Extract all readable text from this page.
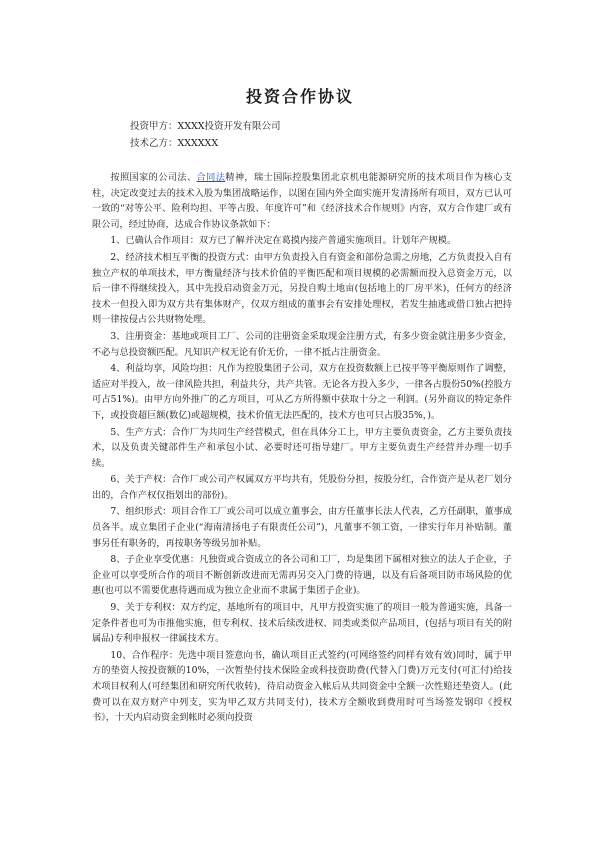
投资合作协议
投资甲方：XXXX投资开发有限公司
技术乙方：XXXXXX

按照国家的公司法、合同法精神，瑞士国际控股集团北京机电能源研究所的技术项目作为核心支柱，决定改变过去的技术入股为集团战略运作，以图在国内外全面实施开发清扬所有项目，双方已认可一致的“对等公平、险利均担、平等占股、年度许可”和《经济技术合作规则》内容，双方合作建厂或有限公司，经过协商，达成合作协议条款如下：

1、已确认合作项目：双方已了解并决定在葛摸内接产普通实施项目。计划年产规模。

2、经济技术相互平衡的投资方式：由甲方负责投入自有资金和部份急需之房地，乙方负责投入自有独立产权的单项技术，甲方衡量经济与技术价值的平衡匹配和项目规模的必需额而投入总资金万元，以后一律不得继续投入，其中先投启动资金万元，另投自购土地亩(包括地上的厂房平米)，任何方的经济技术一但投入即为双方共有集体财产，仅双方组成的董事会有安排处理权，若发生抽逃或借口独占把持则一律按侵占公共财物处理。

3、注册资金：基地或项目工厂、公司的注册资金采取现金注册方式，有多少资金就注册多少资金，不必与总投资额匹配。凡知识产权无论有价无价，一律不抵占注册资金。

4、利益均享，风险均担：凡作为控股集团子公司，双方在投资数额上已按平等平衡原则作了调整，适应对半投入，故一律风险共担，利益共分，共产共管。无论各方投入多少，一律各占股份50%(控股方可占51%)。由甲方向外推广的乙方项目，可从乙方所得额中获取十分之一利润。(另外商议的特定条件下，或投资超巨额(数亿)或超规模，技术价值无法匹配的，技术方也可只占股35%，)。

5、生产方式：合作厂为共同生产经营模式，但在具体分工上，甲方主要负责资金，乙方主要负责技术，以及负责关键部件生产和承包小试、必要时还可指导建厂。甲方主要负责生产经营并办理一切手续。

6、关于产权：合作厂或公司产权属双方平均共有，凭股份分担，按股分红，合作资产是从老厂划分出的，合作产权仅指划出的部份)。

7、组织形式：项目合作工厂或公司可以成立董事会，由方任董事长法人代表，乙方任副职，董事成员各半。成立集团子企业(“海南清扬电子有限责任公司”)，凡董事不领工资，一律实行年月补贴制。董事另任有职务的，再按职务等级另加补贴。

8、子企业享受优惠：凡独资或合资成立的各公司和工厂，均是集团下属相对独立的法人子企业，子企业可以享受所合作的项目不断创新改进而无需再另交入门费的待遇，以及有后备项目防市场风险的优惠(也可以不需要优惠待遇而成为独立企业而不隶属于集团子企业)。

9、关于专利权：双方约定，基地所有的项目中，凡甲方投资实施了的项目一般为普通实施，具备一定条件者也可为市推他实施，但专利权、技术后续改进权、同类或类似产品项目，(包括与项目有关的附属品)专利申报权一律属技术方。

10、合作程序：先选中项目签意向书，确认项目正式签约(可网络签约同样有效有效)同时，属于甲方的垫资人按投资额的10%，一次暂垫付技术保险金或科技资助费(代替入门费)万元支付(可汇付)给技术项目权利人(可经集团和研究所代收转)，待启动资金入帐后从共同资金中全额一次性赔还垫资人。(此费可以在双方财产中列支，实为甲乙双方共同支付)，技术方全额收到费用时可当场签发钢印《授权书》，十天内启动资金到帐时必须向投资
